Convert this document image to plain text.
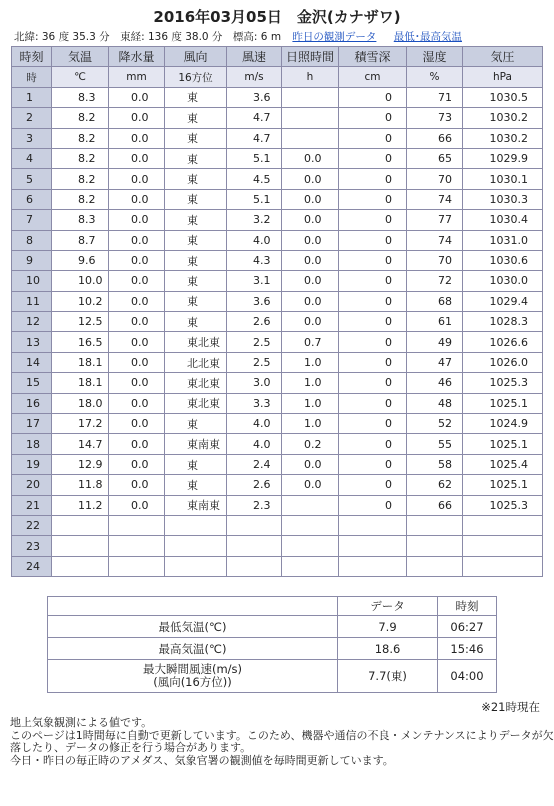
2016年03月05日　金沢(カナザワ)
北緯: 36 度 35.3 分　東経: 136 度 38.0 分　標高: 6 m 昨日の観測データ 最低･最高気温
時刻	気温	降水量	風向	風速	日照時間	積雪深	湿度	気圧
時	℃	mm	16方位	m/s	h	cm	%	hPa
1	8.3	0.0	東	3.6		0	71	1030.5
2	8.2	0.0	東	4.7		0	73	1030.2
3	8.2	0.0	東	4.7		0	66	1030.2
4	8.2	0.0	東	5.1	0.0	0	65	1029.9
5	8.2	0.0	東	4.5	0.0	0	70	1030.1
6	8.2	0.0	東	5.1	0.0	0	74	1030.3
7	8.3	0.0	東	3.2	0.0	0	77	1030.4
8	8.7	0.0	東	4.0	0.0	0	74	1031.0
9	9.6	0.0	東	4.3	0.0	0	70	1030.6
10	10.0	0.0	東	3.1	0.0	0	72	1030.0
11	10.2	0.0	東	3.6	0.0	0	68	1029.4
12	12.5	0.0	東	2.6	0.0	0	61	1028.3
13	16.5	0.0	東北東	2.5	0.7	0	49	1026.6
14	18.1	0.0	北北東	2.5	1.0	0	47	1026.0
15	18.1	0.0	東北東	3.0	1.0	0	46	1025.3
16	18.0	0.0	東北東	3.3	1.0	0	48	1025.1
17	17.2	0.0	東	4.0	1.0	0	52	1024.9
18	14.7	0.0	東南東	4.0	0.2	0	55	1025.1
19	12.9	0.0	東	2.4	0.0	0	58	1025.4
20	11.8	0.0	東	2.6	0.0	0	62	1025.1
21	11.2	0.0	東南東	2.3		0	66	1025.3
22								
23								
24								
	データ	時刻
最低気温(℃)	7.9	06:27
最高気温(℃)	18.6	15:46
最大瞬間風速(m/s)
(風向(16方位))	7.7(東)	04:00
※21時現在
地上気象観測による値です。
このページは1時間毎に自動で更新しています。このため、機器や通信の不良・メンテナンスによりデータが欠落したり、データの修正を行う場合があります。
今日・昨日の毎正時のアメダス、気象官署の観測値を毎時間更新しています。
